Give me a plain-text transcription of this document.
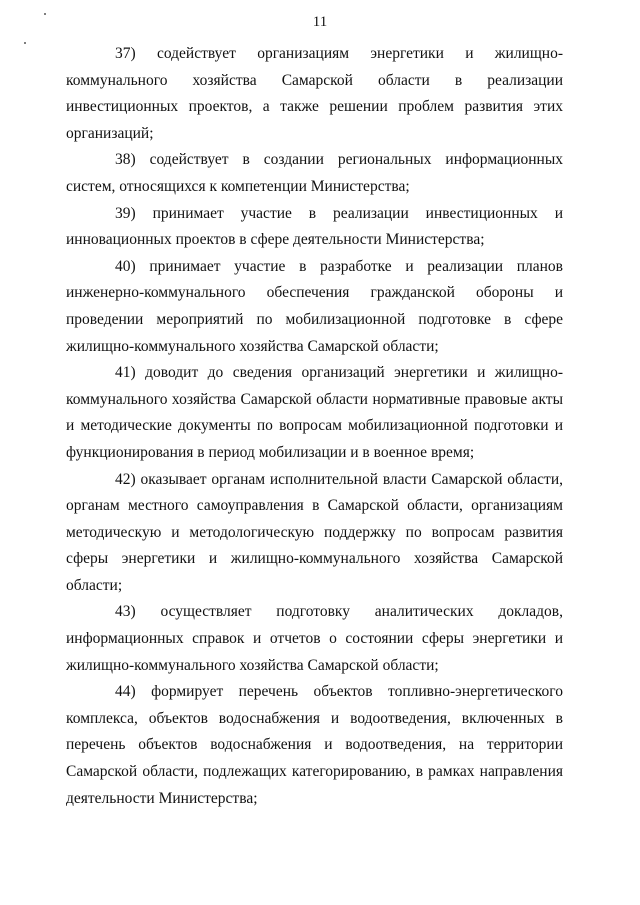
11

37) содействует организациям энергетики и жилищно-коммунального хозяйства Самарской области в реализации инвестиционных проектов, а также решении проблем развития этих организаций;

38) содействует в создании региональных информационных систем, относящихся к компетенции Министерства;

39) принимает участие в реализации инвестиционных и инновационных проектов в сфере деятельности Министерства;

40) принимает участие в разработке и реализации планов инженерно-коммунального обеспечения гражданской обороны и проведении мероприятий по мобилизационной подготовке в сфере жилищно-коммунального хозяйства Самарской области;

41) доводит до сведения организаций энергетики и жилищно-коммунального хозяйства Самарской области нормативные правовые акты и методические документы по вопросам мобилизационной подготовки и функционирования в период мобилизации и в военное время;

42) оказывает органам исполнительной власти Самарской области, органам местного самоуправления в Самарской области, организациям методическую и методологическую поддержку по вопросам развития сферы энергетики и жилищно-коммунального хозяйства Самарской области;

43) осуществляет подготовку аналитических докладов, информационных справок и отчетов о состоянии сферы энергетики и жилищно-коммунального хозяйства Самарской области;

44) формирует перечень объектов топливно-энергетического комплекса, объектов водоснабжения и водоотведения, включенных в перечень объектов водоснабжения и водоотведения, на территории Самарской области, подлежащих категорированию, в рамках направления деятельности Министерства;
